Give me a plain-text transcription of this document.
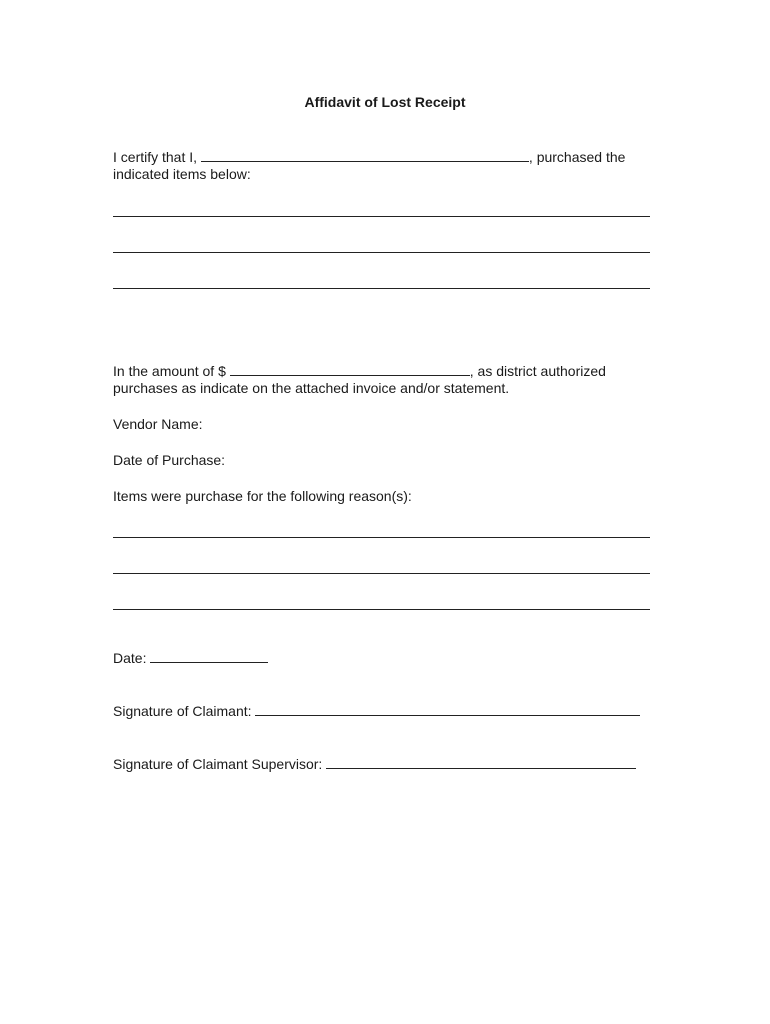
Affidavit of Lost Receipt
I certify that I,	, purchased the
indicated items below:
In the amount of $	, as district authorized
purchases as indicate on the attached invoice and/or statement.
Vendor Name:
Date of Purchase:
Items were purchase for the following reason(s):
Date:
Signature of Claimant:
Signature of Claimant Supervisor:
